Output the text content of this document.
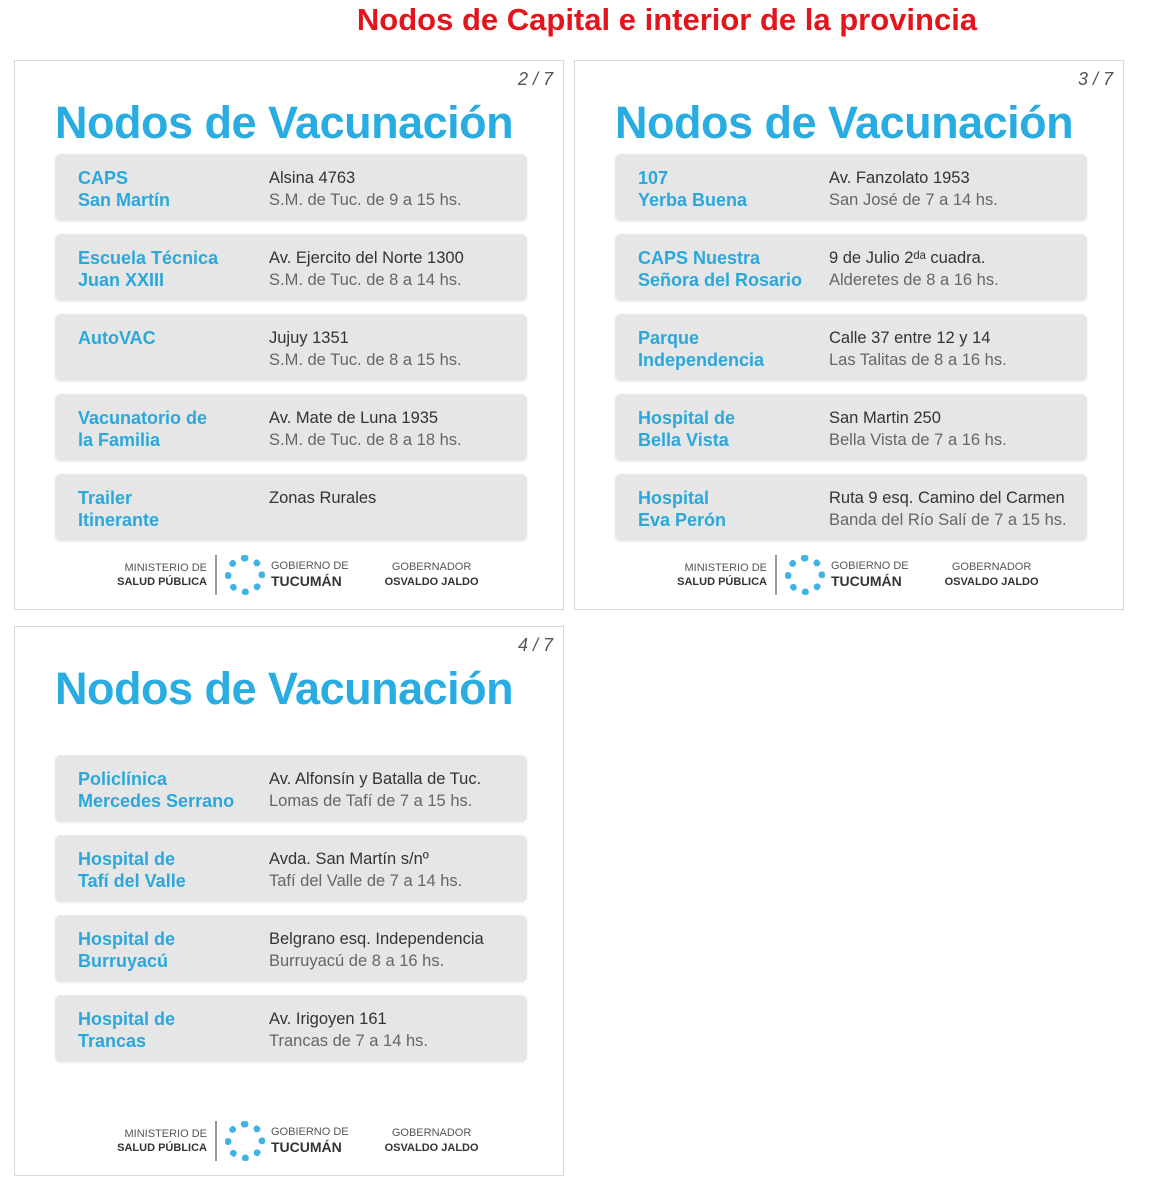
Nodos de Capital e interior de la provincia
2 / 7
Nodos de Vacunación
CAPS
San Martín
Alsina 4763
S.M. de Tuc. de 9 a 15 hs.
Escuela Técnica
Juan XXIII
Av. Ejercito del Norte 1300
S.M. de Tuc. de 8 a 14 hs.
AutoVAC	Jujuy 1351
S.M. de Tuc. de 8 a 15 hs.
Vacunatorio de
la Familia
Av. Mate de Luna 1935
S.M. de Tuc. de 8 a 18 hs.
Trailer
Itinerante
Zonas Rurales
MINISTERIO DE
SALUD PÚBLICA
GOBIERNO DE
TUCUMÁN
GOBERNADOR
OSVALDO JALDO
3 / 7
Nodos de Vacunación
107
Yerba Buena
Av. Fanzolato 1953
San José de 7 a 14 hs.
CAPS Nuestra
Señora del Rosario
9 de Julio 2ᵈᵃ cuadra.
Alderetes de 8 a 16 hs.
Parque
Independencia
Calle 37 entre 12 y 14
Las Talitas de 8 a 16 hs.
Hospital de
Bella Vista
San Martin 250
Bella Vista de 7 a 16 hs.
Hospital
Eva Perón
Ruta 9 esq. Camino del Carmen
Banda del Río Salí de 7 a 15 hs.
MINISTERIO DE
SALUD PÚBLICA
GOBIERNO DE
TUCUMÁN
GOBERNADOR
OSVALDO JALDO
4 / 7
Nodos de Vacunación
Policlínica
Mercedes Serrano
Av. Alfonsín y Batalla de Tuc.
Lomas de Tafí de 7 a 15 hs.
Hospital de
Tafí del Valle
Avda. San Martín s/nº
Tafí del Valle de 7 a 14 hs.
Hospital de
Burruyacú
Belgrano esq. Independencia
Burruyacú de 8 a 16 hs.
Hospital de
Trancas
Av. Irigoyen 161
Trancas de 7 a 14 hs.
MINISTERIO DE
SALUD PÚBLICA
GOBIERNO DE
TUCUMÁN
GOBERNADOR
OSVALDO JALDO
